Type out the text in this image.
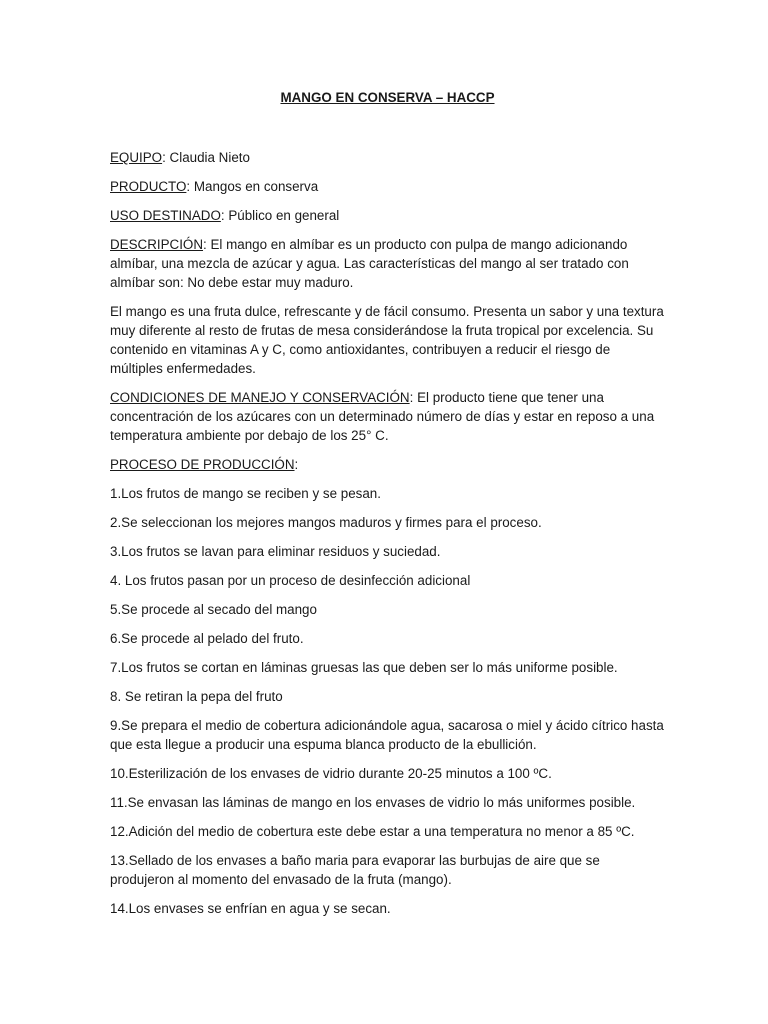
MANGO EN CONSERVA – HACCP

EQUIPO: Claudia Nieto

PRODUCTO: Mangos en conserva

USO DESTINADO: Público en general

DESCRIPCIÓN: El mango en almíbar es un producto con pulpa de mango adicionando almíbar, una mezcla de azúcar y agua. Las características del mango al ser tratado con almíbar son: No debe estar muy maduro.

El mango es una fruta dulce, refrescante y de fácil consumo. Presenta un sabor y una textura muy diferente al resto de frutas de mesa considerándose la fruta tropical por excelencia. Su contenido en vitaminas A y C, como antioxidantes, contribuyen a reducir el riesgo de múltiples enfermedades.

CONDICIONES DE MANEJO Y CONSERVACIÓN: El producto tiene que tener una concentración de los azúcares con un determinado número de días y estar en reposo a una temperatura ambiente por debajo de los 25° C.

PROCESO DE PRODUCCIÓN:

1.Los frutos de mango se reciben y se pesan.

2.Se seleccionan los mejores mangos maduros y firmes para el proceso.

3.Los frutos se lavan para eliminar residuos y suciedad.

4. Los frutos pasan por un proceso de desinfección adicional

5.Se procede al secado del mango

6.Se procede al pelado del fruto.

7.Los frutos se cortan en láminas gruesas las que deben ser lo más uniforme posible.

8. Se retiran la pepa del fruto

9.Se prepara el medio de cobertura adicionándole agua, sacarosa o miel y ácido cítrico hasta que esta llegue a producir una espuma blanca producto de la ebullición.

10.Esterilización de los envases de vidrio durante 20-25 minutos a 100 ºC.

11.Se envasan las láminas de mango en los envases de vidrio lo más uniformes posible.

12.Adición del medio de cobertura este debe estar a una temperatura no menor a 85 ºC.

13.Sellado de los envases a baño maria para evaporar las burbujas de aire que se produjeron al momento del envasado de la fruta (mango).

14.Los envases se enfrían en agua y se secan.
